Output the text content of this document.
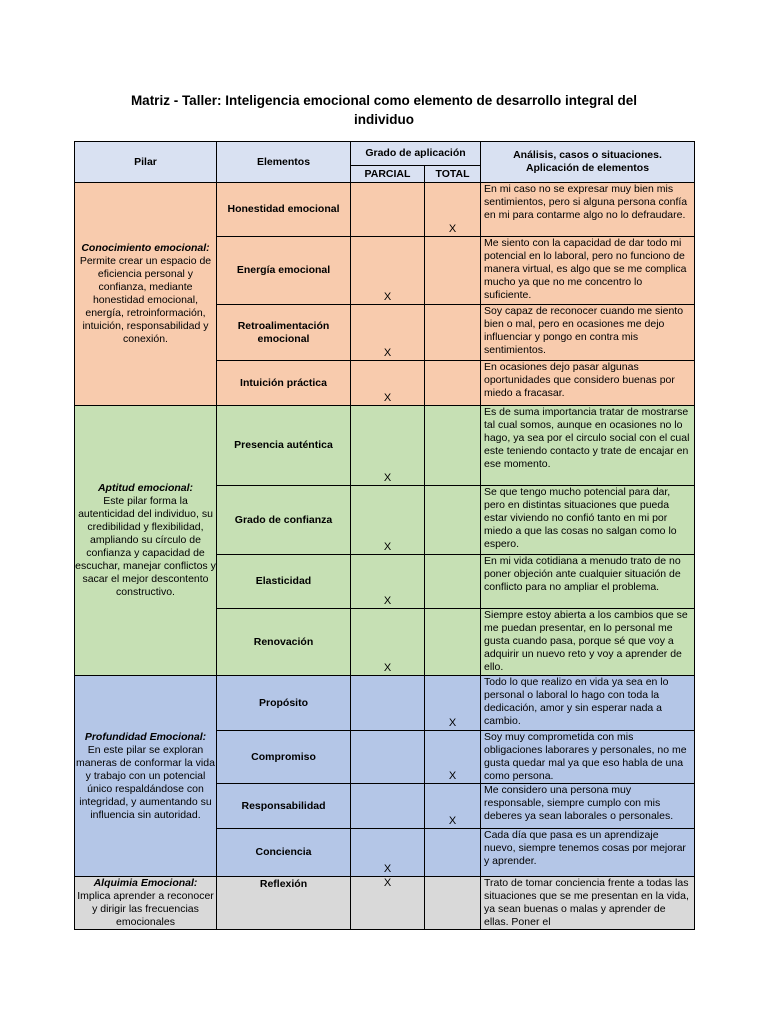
Matriz - Taller: Inteligencia emocional como elemento de desarrollo integral del
individuo
Pilar	Elementos	Grado de aplicación		Análisis, casos o situaciones.
Aplicación de elementos

		PARCIAL	TOTAL	

Conocimiento emocional:
Permite crear un espacio de eficiencia personal y confianza, mediante honestidad emocional, energía, retroinformación, intuición, responsabilidad y conexión.	Honestidad emocional		X	En mi caso no se expresar muy bien mis sentimientos, pero si alguna persona confía en mi para contarme algo no lo defraudare.
	Energía emocional	X		Me siento con la capacidad de dar todo mi potencial en lo laboral, pero no funciono de manera virtual, es algo que se me complica mucho ya que no me concentro lo suficiente.
	Retroalimentación emocional	X		Soy capaz de reconocer cuando me siento bien o mal, pero en ocasiones me dejo influenciar y pongo en contra mis sentimientos.
	Intuición práctica	X		En ocasiones dejo pasar algunas oportunidades que considero buenas por miedo a fracasar.

Aptitud emocional:
Este pilar forma la autenticidad del individuo, su credibilidad y flexibilidad, ampliando su círculo de confianza y capacidad de escuchar, manejar conflictos y sacar el mejor descontento constructivo.	Presencia auténtica	X		Es de suma importancia tratar de mostrarse tal cual somos, aunque en ocasiones no lo hago, ya sea por el circulo social con el cual este teniendo contacto y trate de encajar en ese momento.
	Grado de confianza	X		Se que tengo mucho potencial para dar, pero en distintas situaciones que pueda estar viviendo no confió tanto en mi por miedo a que las cosas no salgan como lo espero.
	Elasticidad	X		En mi vida cotidiana a menudo trato de no poner objeción ante cualquier situación de conflicto para no ampliar el problema.
	Renovación	X		Siempre estoy abierta a los cambios que se me puedan presentar, en lo personal me gusta cuando pasa, porque sé que voy a adquirir un nuevo reto y voy a aprender de ello.

Profundidad Emocional:
En este pilar se exploran maneras de conformar la vida y trabajo con un potencial único respaldándose con integridad, y aumentando su influencia sin autoridad.	Propósito		X	Todo lo que realizo en vida ya sea en lo personal o laboral lo hago con toda la dedicación, amor y sin esperar nada a cambio.
	Compromiso		X	Soy muy comprometida con mis obligaciones laborares y personales, no me gusta quedar mal ya que eso habla de una como persona.
	Responsabilidad		X	Me considero una persona muy responsable, siempre cumplo con mis deberes ya sean laborales o personales.
	Conciencia	X		Cada día que pasa es un aprendizaje nuevo, siempre tenemos cosas por mejorar y aprender.

Alquimia Emocional:
Implica aprender a reconocer y dirigir las frecuencias emocionales	Reflexión	X		Trato de tomar conciencia frente a todas las situaciones que se me presentan en la vida, ya sean buenas o malas y aprender de ellas. Poner el
